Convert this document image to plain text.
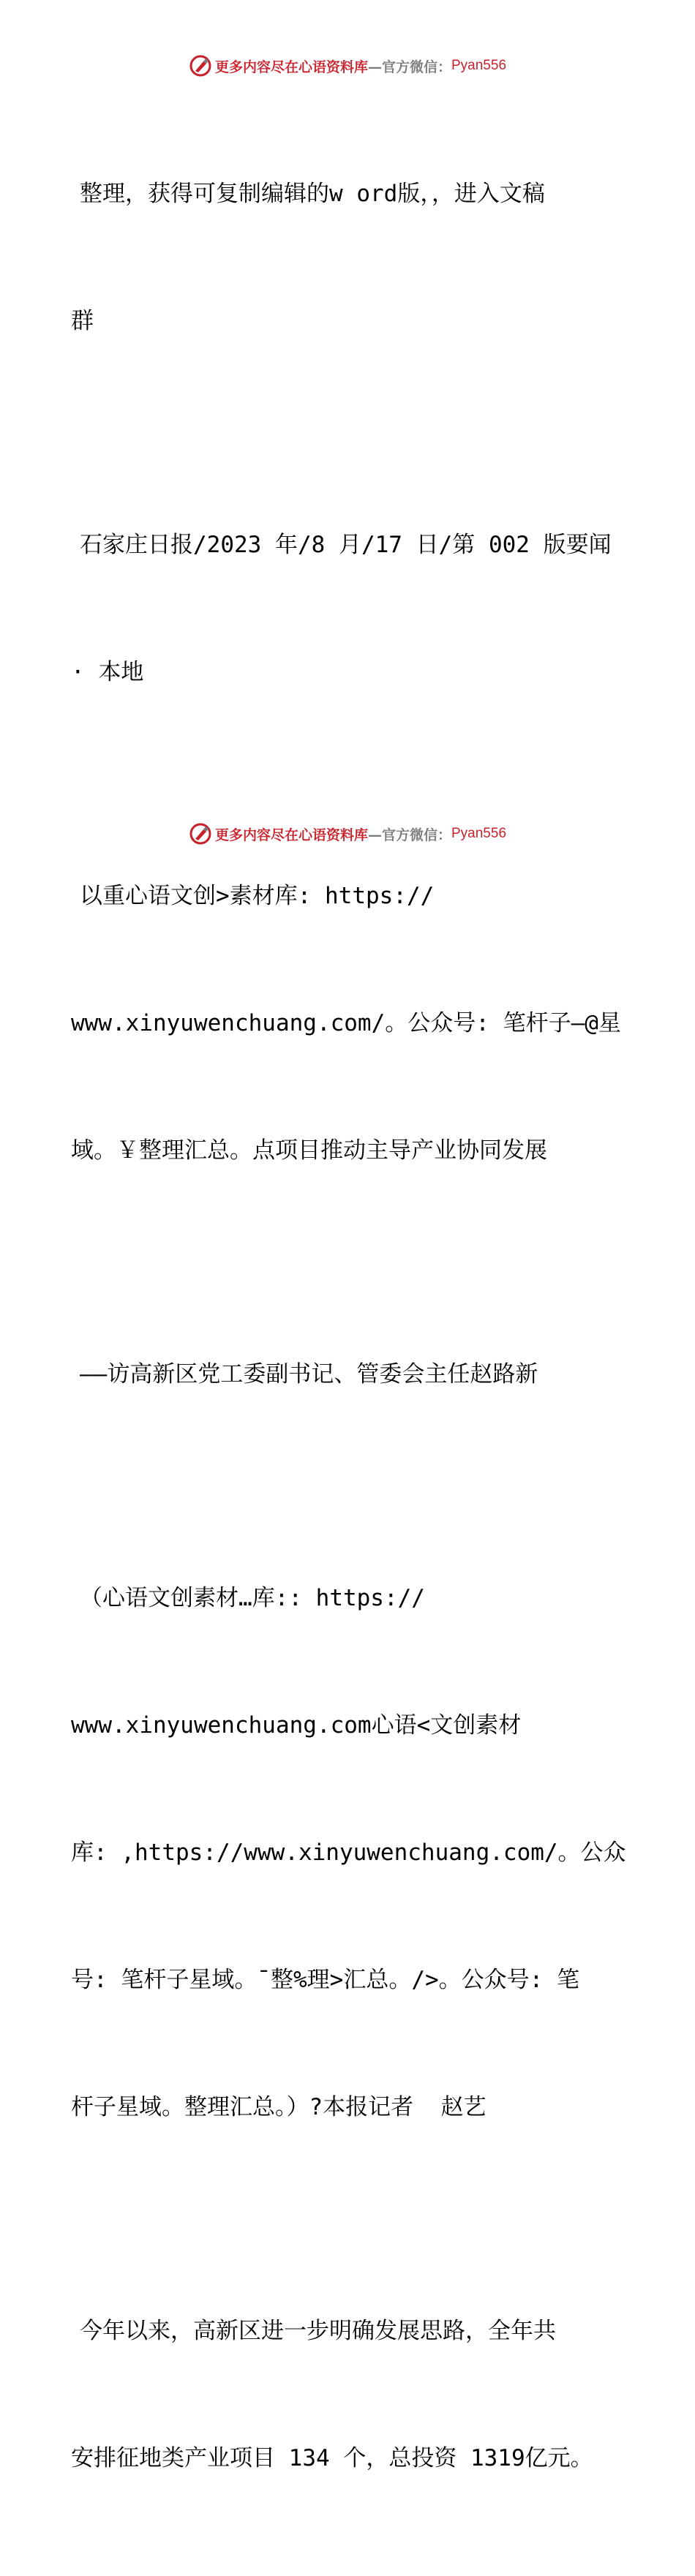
更多内容尽在心语资料库 —官方微信： Pyan556

整理，获得可复制编辑的w ord版，，进入文稿

群

石家庄日报/2023 年/8 月/17 日/第 002 版要闻

· 本地

以重心语文创>素材库: https://

www.xinyuwenchuang.com/。公众号: 笔杆子—@星

域。￥整理汇总。点项目推动主导产业协同发展

——访高新区党工委副书记、管委会主任赵路新

（心语文创素材…库:: https://

www.xinyuwenchuang.com心语<文创素材

库: ,https://www.xinyuwenchuang.com/。公众

号: 笔杆子星域。¯整%理>汇总。/>。公众号: 笔

杆子星域。整理汇总。）?本报记者  赵艺

今年以来，高新区进一步明确发展思路，全年共

安排征地类产业项目 134 个，总投资 1319亿元。

更多内容尽在心语资料库 —官方微信： Pyan556
